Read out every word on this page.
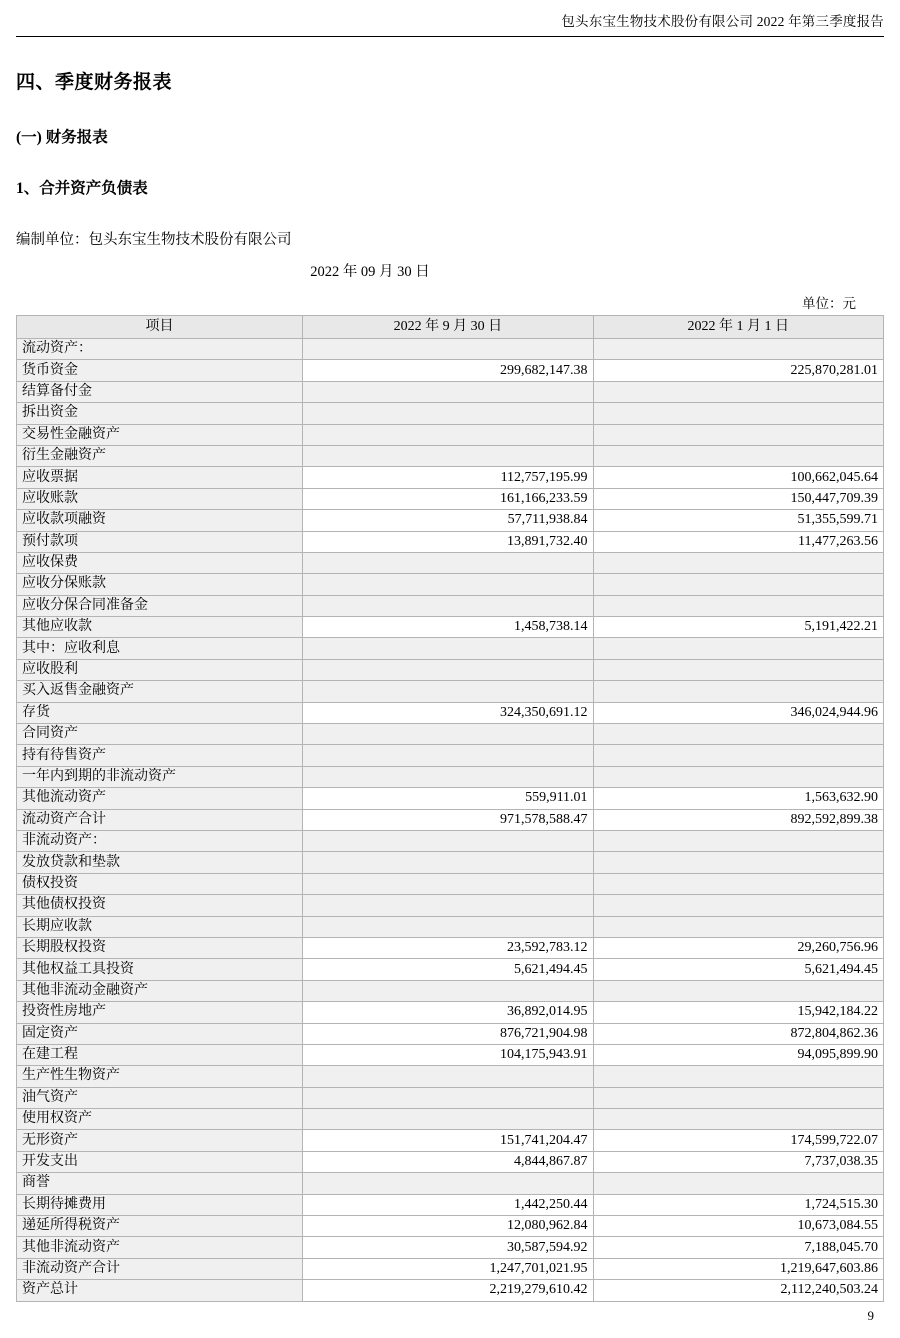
包头东宝生物技术股份有限公司 2022 年第三季度报告
四、季度财务报表
(一) 财务报表
1、合并资产负债表
编制单位：包头东宝生物技术股份有限公司
2022 年 09 月 30 日
单位：元
项目	2022 年 9 月 30 日	2022 年 1 月 1 日
流动资产：		
货币资金	299,682,147.38	225,870,281.01
结算备付金		
拆出资金		
交易性金融资产		
衍生金融资产		
应收票据	112,757,195.99	100,662,045.64
应收账款	161,166,233.59	150,447,709.39
应收款项融资	57,711,938.84	51,355,599.71
预付款项	13,891,732.40	11,477,263.56
应收保费		
应收分保账款		
应收分保合同准备金		
其他应收款	1,458,738.14	5,191,422.21
其中：应收利息		
应收股利		
买入返售金融资产		
存货	324,350,691.12	346,024,944.96
合同资产		
持有待售资产		
一年内到期的非流动资产		
其他流动资产	559,911.01	1,563,632.90
流动资产合计	971,578,588.47	892,592,899.38
非流动资产：		
发放贷款和垫款		
债权投资		
其他债权投资		
长期应收款		
长期股权投资	23,592,783.12	29,260,756.96
其他权益工具投资	5,621,494.45	5,621,494.45
其他非流动金融资产		
投资性房地产	36,892,014.95	15,942,184.22
固定资产	876,721,904.98	872,804,862.36
在建工程	104,175,943.91	94,095,899.90
生产性生物资产		
油气资产		
使用权资产		
无形资产	151,741,204.47	174,599,722.07
开发支出	4,844,867.87	7,737,038.35
商誉		
长期待摊费用	1,442,250.44	1,724,515.30
递延所得税资产	12,080,962.84	10,673,084.55
其他非流动资产	30,587,594.92	7,188,045.70
非流动资产合计	1,247,701,021.95	1,219,647,603.86
资产总计	2,219,279,610.42	2,112,240,503.24
9
